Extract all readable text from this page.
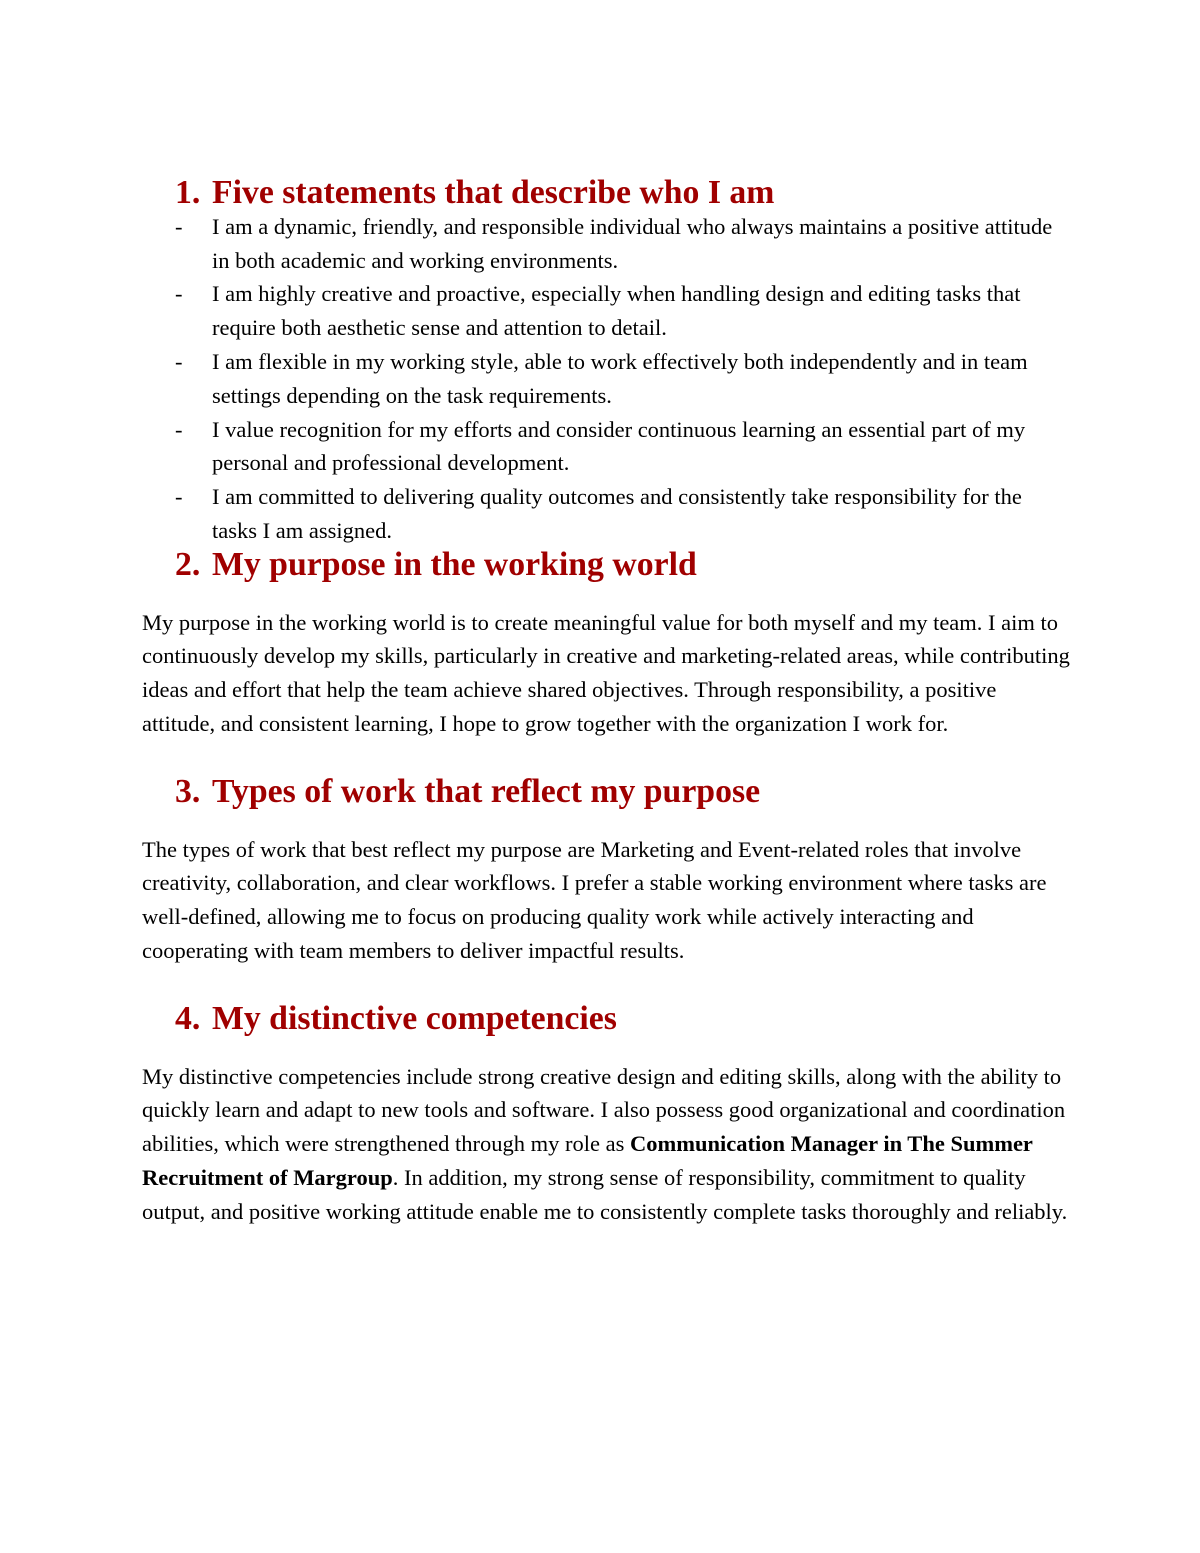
1. Five statements that describe who I am
- I am a dynamic, friendly, and responsible individual who always maintains a positive attitude in both academic and working environments.
- I am highly creative and proactive, especially when handling design and editing tasks that require both aesthetic sense and attention to detail.
- I am flexible in my working style, able to work effectively both independently and in team settings depending on the task requirements.
- I value recognition for my efforts and consider continuous learning an essential part of my personal and professional development.
- I am committed to delivering quality outcomes and consistently take responsibility for the tasks I am assigned.
2. My purpose in the working world

My purpose in the working world is to create meaningful value for both myself and my team. I aim to continuously develop my skills, particularly in creative and marketing-related areas, while contributing ideas and effort that help the team achieve shared objectives. Through responsibility, a positive attitude, and consistent learning, I hope to grow together with the organization I work for.

3. Types of work that reflect my purpose

The types of work that best reflect my purpose are Marketing and Event-related roles that involve creativity, collaboration, and clear workflows. I prefer a stable working environment where tasks are well-defined, allowing me to focus on producing quality work while actively interacting and cooperating with team members to deliver impactful results.

4. My distinctive competencies

My distinctive competencies include strong creative design and editing skills, along with the ability to quickly learn and adapt to new tools and software. I also possess good organizational and coordination abilities, which were strengthened through my role as Communication Manager in The Summer Recruitment of Margroup. In addition, my strong sense of responsibility, commitment to quality output, and positive working attitude enable me to consistently complete tasks thoroughly and reliably.
